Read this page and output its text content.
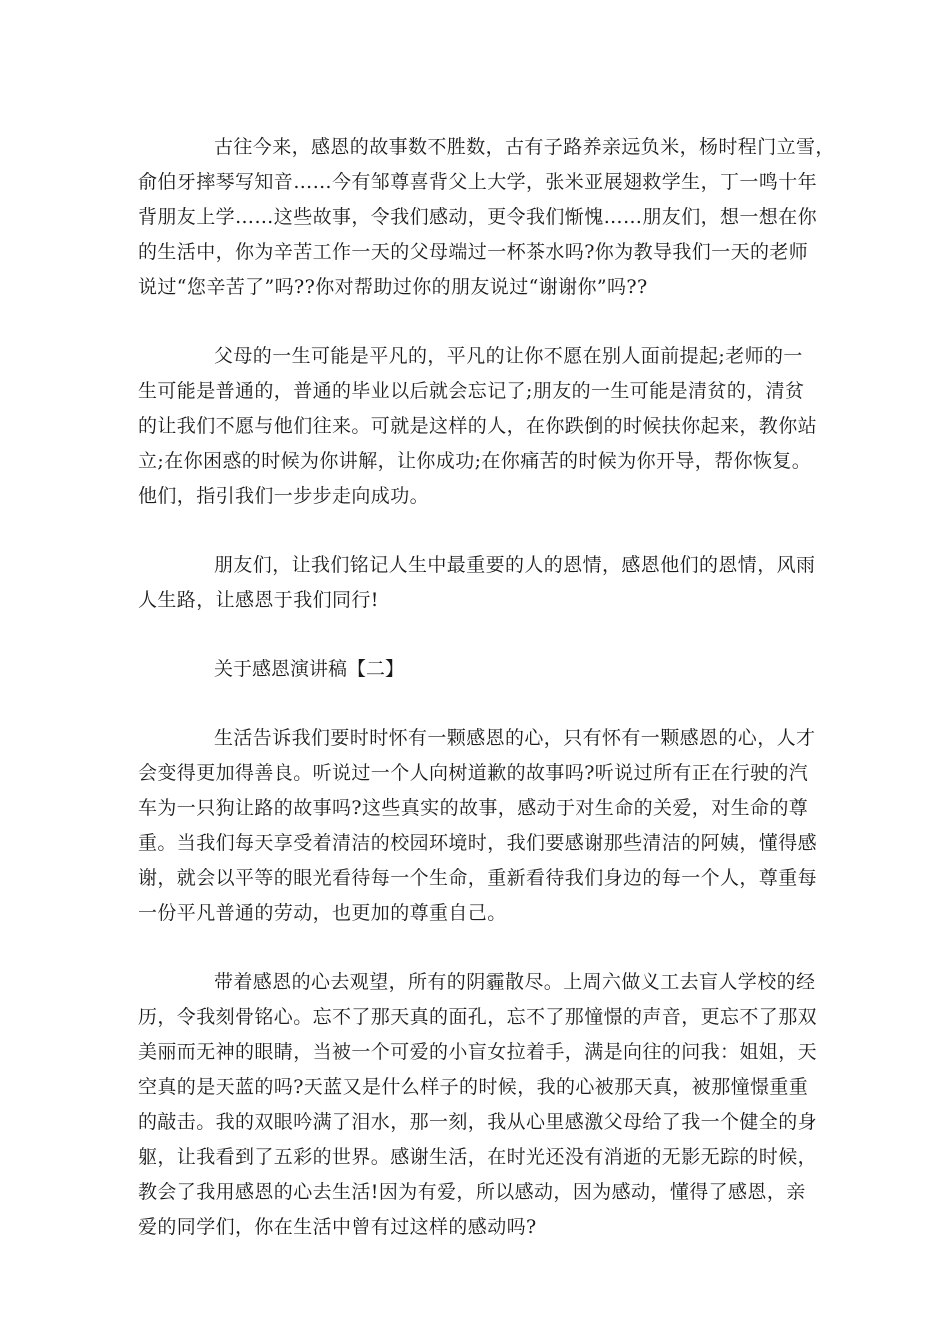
古往今来，感恩的故事数不胜数，古有子路养亲远负米，杨时程门立雪，
俞伯牙摔琴写知音……今有邹尊喜背父上大学，张米亚展翅救学生，丁一鸣十年
背朋友上学……这些故事，令我们感动，更令我们惭愧……朋友们，想一想在你
的生活中，你为辛苦工作一天的父母端过一杯茶水吗?你为教导我们一天的老师
说过“您辛苦了”吗??你对帮助过你的朋友说过“谢谢你”吗??
父母的一生可能是平凡的，平凡的让你不愿在别人面前提起;老师的一
生可能是普通的，普通的毕业以后就会忘记了;朋友的一生可能是清贫的，清贫
的让我们不愿与他们往来。可就是这样的人，在你跌倒的时候扶你起来，教你站
立;在你困惑的时候为你讲解，让你成功;在你痛苦的时候为你开导，帮你恢复。
他们，指引我们一步步走向成功。
朋友们，让我们铭记人生中最重要的人的恩情，感恩他们的恩情，风雨
人生路，让感恩于我们同行!
关于感恩演讲稿【二】
生活告诉我们要时时怀有一颗感恩的心，只有怀有一颗感恩的心，人才
会变得更加得善良。听说过一个人向树道歉的故事吗?听说过所有正在行驶的汽
车为一只狗让路的故事吗?这些真实的故事，感动于对生命的关爱，对生命的尊
重。当我们每天享受着清洁的校园环境时，我们要感谢那些清洁的阿姨，懂得感
谢，就会以平等的眼光看待每一个生命，重新看待我们身边的每一个人，尊重每
一份平凡普通的劳动，也更加的尊重自己。
带着感恩的心去观望，所有的阴霾散尽。上周六做义工去盲人学校的经
历，令我刻骨铭心。忘不了那天真的面孔，忘不了那憧憬的声音，更忘不了那双
美丽而无神的眼睛，当被一个可爱的小盲女拉着手，满是向往的问我：姐姐，天
空真的是天蓝的吗?天蓝又是什么样子的时候，我的心被那天真，被那憧憬重重
的敲击。我的双眼吟满了泪水，那一刻，我从心里感激父母给了我一个健全的身
躯，让我看到了五彩的世界。感谢生活，在时光还没有消逝的无影无踪的时候，
教会了我用感恩的心去生活!因为有爱，所以感动，因为感动，懂得了感恩，亲
爱的同学们，你在生活中曾有过这样的感动吗?
